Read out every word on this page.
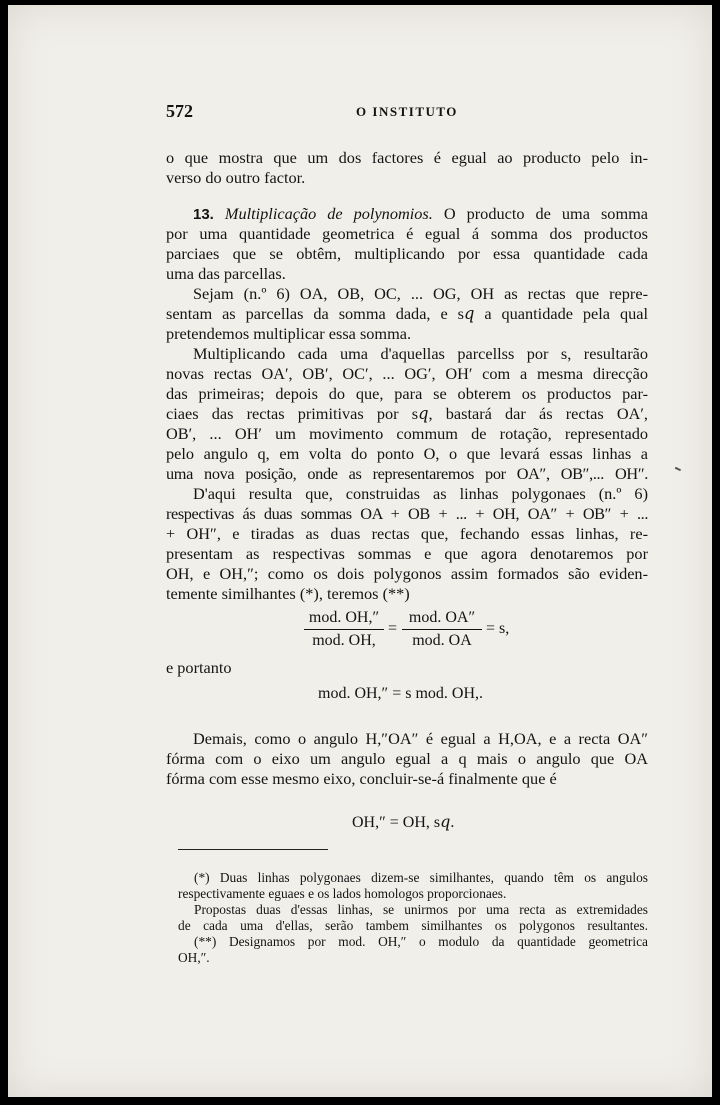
572	O INSTITUTO
o que mostra que um dos factores é egual ao producto pelo in-
verso do outro factor.
13. Multiplicação de polynomios. O producto de uma somma
por uma quantidade geometrica é egual á somma dos productos
parciaes que se obtêm, multiplicando por essa quantidade cada
uma das parcellas.
Sejam (n.º 6) OA, OB, OC, ... OG, OH as rectas que repre-
sentam as parcellas da somma dada, e s𝑞 a quantidade pela qual
pretendemos multiplicar essa somma.
Multiplicando cada uma d'aquellas parcellss por s, resultarão
novas rectas OA′, OB′, OC′, ... OG′, OH′ com a mesma direcção
das primeiras; depois do que, para se obterem os productos par-
ciaes das rectas primitivas por s𝑞, bastará dar ás rectas OA′,
OB′, ... OH′ um movimento commum de rotação, representado
pelo angulo q, em volta do ponto O, o que levará essas linhas a
uma nova posição, onde as representaremos por OA″, OB″,... OH″.
D'aqui resulta que, construidas as linhas polygonaes (n.º 6)
respectivas ás duas sommas OA + OB + ... + OH, OA″ + OB″ + ...
+ OH″, e tiradas as duas rectas que, fechando essas linhas, re-
presentam as respectivas sommas e que agora denotaremos por
OH, e OH,″; como os dois polygonos assim formados são eviden-
temente similhantes (*), teremos (**)
mod. OH,″
mod. OH,
=
mod. OA″
mod. OA
= s,
e portanto
mod. OH,″ = s mod. OH,.
Demais, como o angulo H,″OA″ é egual a H,OA, e a recta OA″
fórma com o eixo um angulo egual a q mais o angulo que OA
fórma com esse mesmo eixo, concluir-se-á finalmente que é
OH,″ = OH, s𝑞.
(*) Duas linhas polygonaes dizem-se similhantes, quando têm os angulos
respectivamente eguaes e os lados homologos proporcionaes.
Propostas duas d'essas linhas, se unirmos por uma recta as extremidades
de cada uma d'ellas, serão tambem similhantes os polygonos resultantes.
(**) Designamos por mod. OH,″ o modulo da quantidade geometrica
OH,″.
